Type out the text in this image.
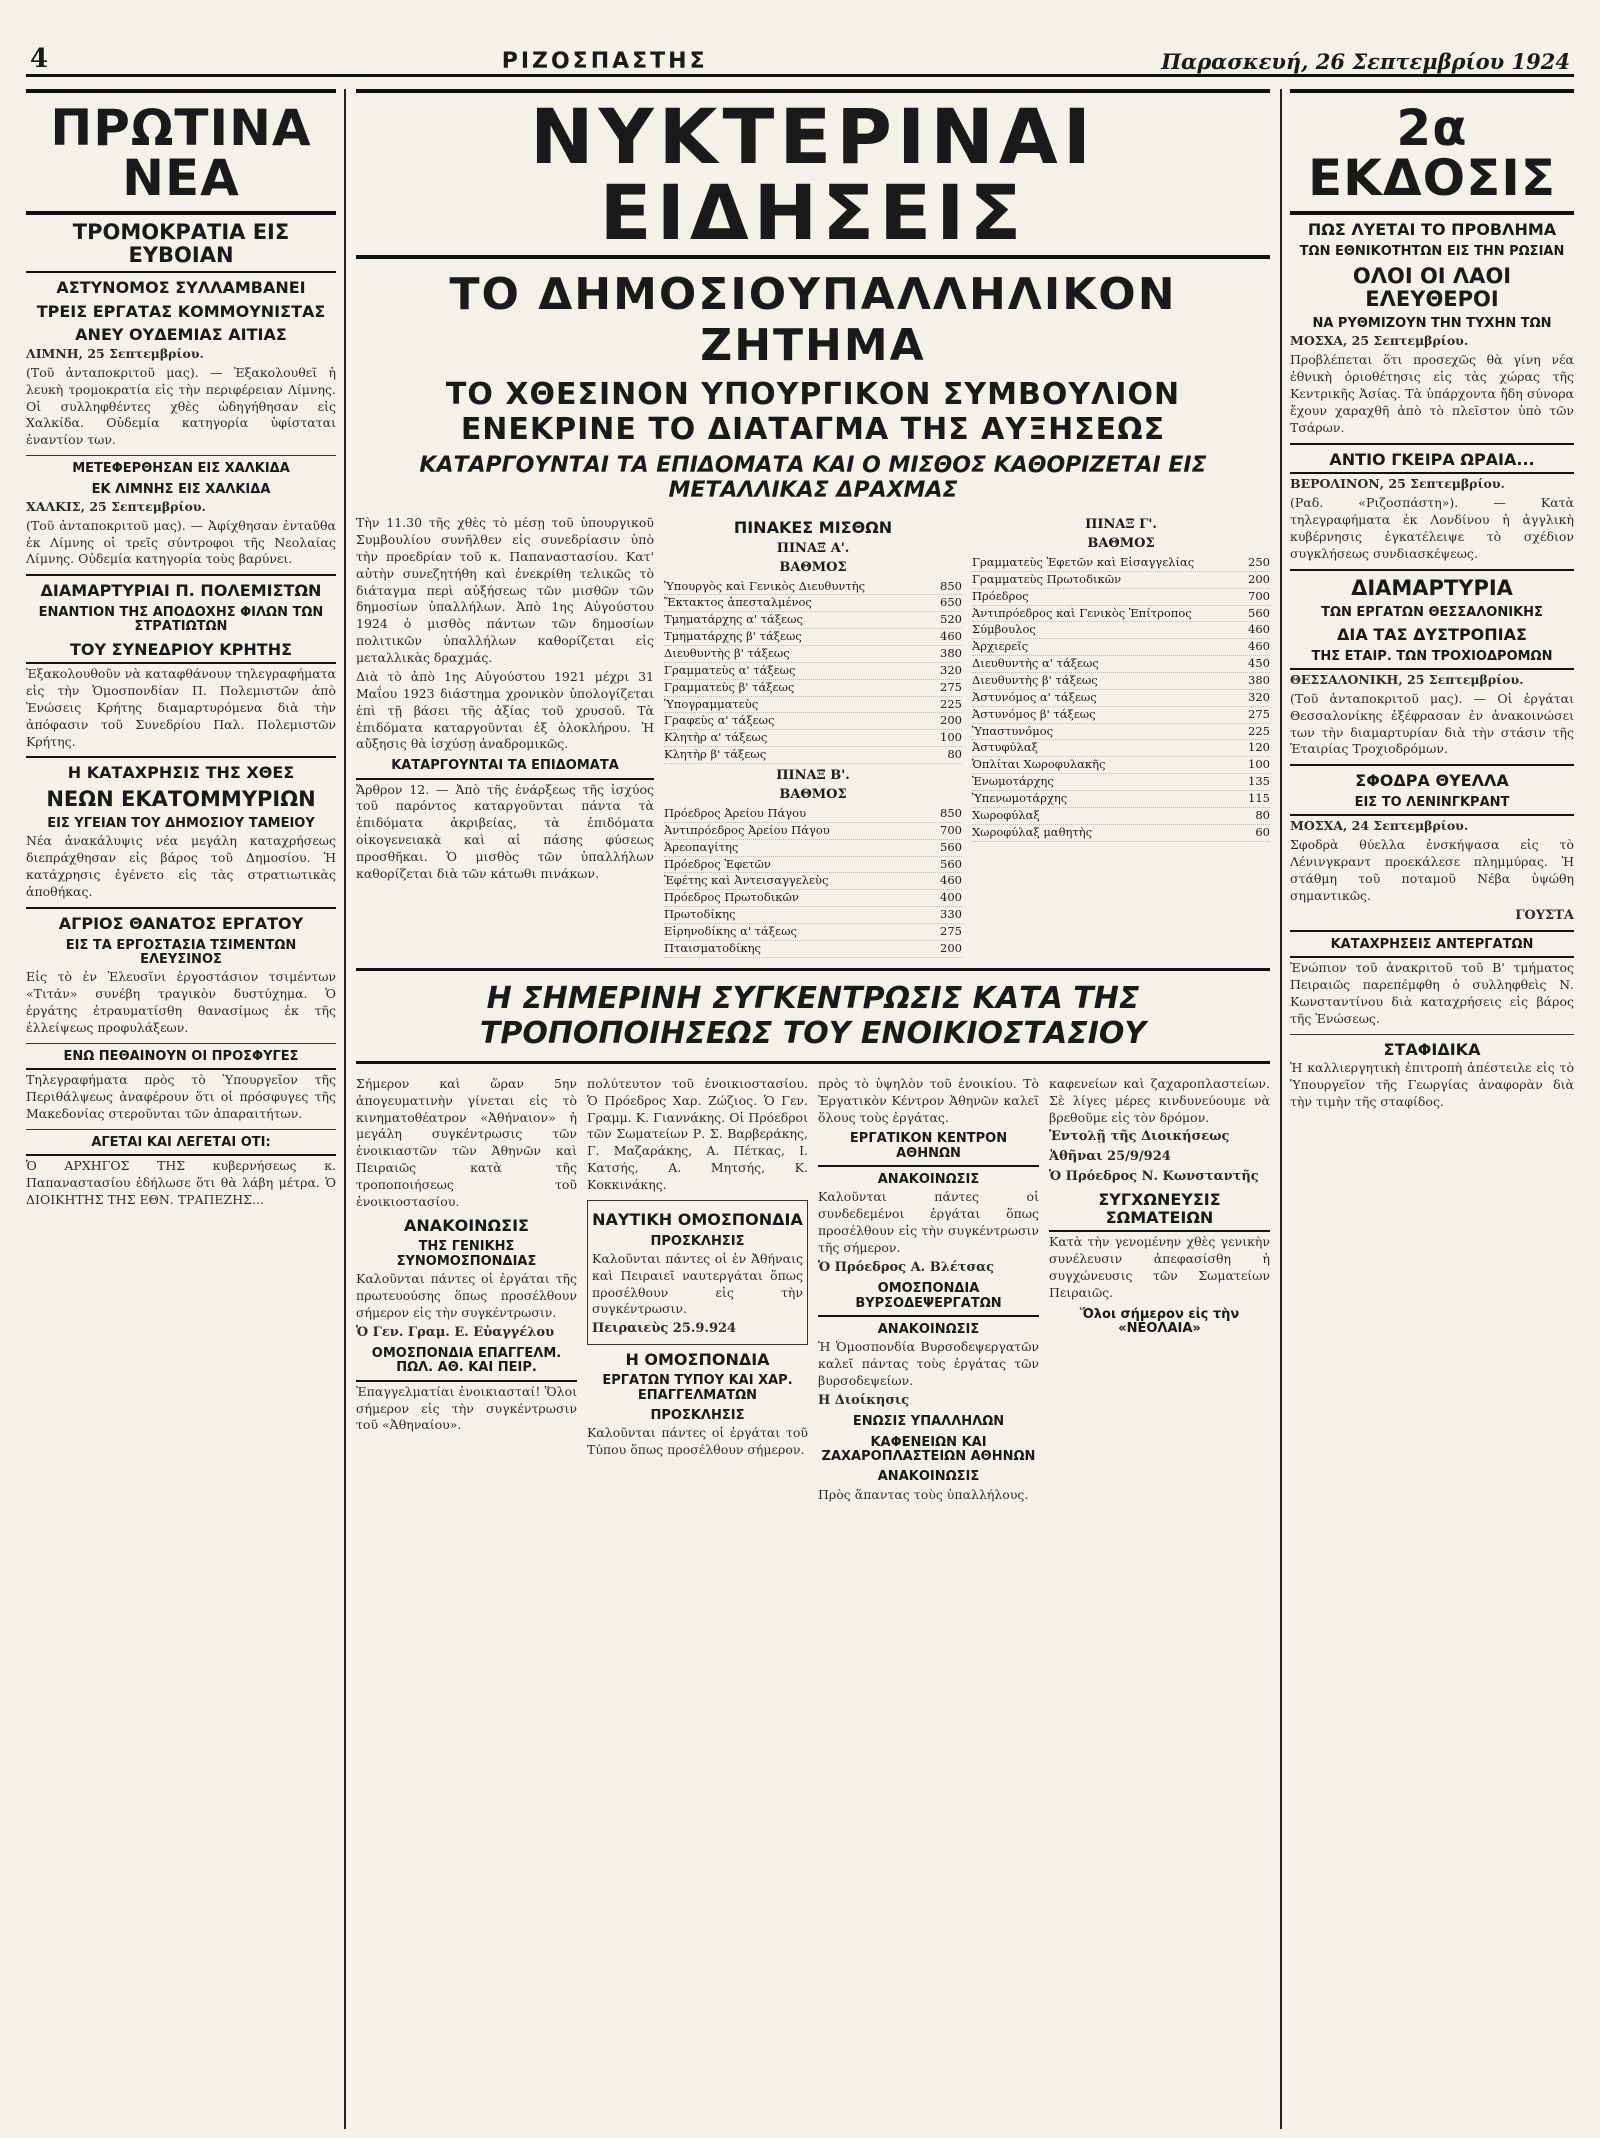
4	ΡΙΖΟΣΠΑΣΤΗΣ	Παρασκευή, 26 Σεπτεμβρίου 1924
ΠΡΩΤΙΝΑ ΝΕΑ
ΤΡΟΜΟΚΡΑΤΙΑ ΕΙΣ ΕΥΒΟΙΑΝ
ΑΣΤΥΝΟΜΟΣ ΣΥΛΛΑΜΒΑΝΕΙ
ΤΡΕΙΣ ΕΡΓΑΤΑΣ ΚΟΜΜΟΥΝΙΣΤΑΣ
ΑΝΕΥ ΟΥΔΕΜΙΑΣ ΑΙΤΙΑΣ

ΛΙΜΝΗ, 25 Σεπτεμβρίου.

(Τοῦ ἀνταποκριτοῦ μας). — Ἐξακολουθεῖ ἡ λευκὴ τρομοκρατία εἰς τὴν περιφέρειαν Λίμνης. Οἱ συλληφθέντες χθὲς ὡδηγήθησαν εἰς Χαλκίδα. Οὐδεμία κατηγορία ὑφίσταται ἐναντίον των.

ΜΕΤΕΦΕΡΘΗΣΑΝ ΕΙΣ ΧΑΛΚΙΔΑ
ΕΚ ΛΙΜΝΗΣ ΕΙΣ ΧΑΛΚΙΔΑ

ΧΑΛΚΙΣ, 25 Σεπτεμβρίου.

(Τοῦ ἀνταποκριτοῦ μας). — Ἀφίχθησαν ἐνταῦθα ἐκ Λίμνης οἱ τρεῖς σύντροφοι τῆς Νεολαίας Λίμνης. Οὐδεμία κατηγορία τοὺς βαρύνει.

ΔΙΑΜΑΡΤΥΡΙΑΙ Π. ΠΟΛΕΜΙΣΤΩΝ
ΕΝΑΝΤΙΟΝ ΤΗΣ ΑΠΟΔΟΧΗΣ ΦΙΛΩΝ ΤΩΝ ΣΤΡΑΤΙΩΤΩΝ
ΤΟΥ ΣΥΝΕΔΡΙΟΥ ΚΡΗΤΗΣ

Ἐξακολουθοῦν νὰ καταφθάνουν τηλεγραφήματα εἰς τὴν Ὁμοσπονδίαν Π. Πολεμιστῶν ἀπὸ Ἑνώσεις Κρήτης διαμαρτυρόμενα διὰ τὴν ἀπόφασιν τοῦ Συνεδρίου Παλ. Πολεμιστῶν Κρήτης.

Η ΚΑΤΑΧΡΗΣΙΣ ΤΗΣ ΧΘΕΣ
ΝΕΩΝ ΕΚΑΤΟΜΜΥΡΙΩΝ
ΕΙΣ ΥΓΕΙΑΝ ΤΟΥ ΔΗΜΟΣΙΟΥ ΤΑΜΕΙΟΥ

Νέα ἀνακάλυψις νέα μεγάλη καταχρήσεως διεπράχθησαν εἰς βάρος τοῦ Δημοσίου. Ἡ κατάχρησις ἐγένετο εἰς τὰς στρατιωτικὰς ἀποθήκας.

ΑΓΡΙΟΣ ΘΑΝΑΤΟΣ ΕΡΓΑΤΟΥ
ΕΙΣ ΤΑ ΕΡΓΟΣΤΑΣΙΑ ΤΣΙΜΕΝΤΩΝ ΕΛΕΥΣΙΝΟΣ

Εἰς τὸ ἐν Ἐλευσῖνι ἐργοστάσιον τσιμέντων «Τιτάν» συνέβη τραγικὸν δυστύχημα. Ὁ ἐργάτης ἐτραυματίσθη θανασίμως ἐκ τῆς ἐλλείψεως προφυλάξεων.

ΕΝΩ ΠΕΘΑΙΝΟΥΝ ΟΙ ΠΡΟΣΦΥΓΕΣ

Τηλεγραφήματα πρὸς τὸ Ὑπουργεῖον τῆς Περιθάλψεως ἀναφέρουν ὅτι οἱ πρόσφυγες τῆς Μακεδονίας στεροῦνται τῶν ἀπαραιτήτων.

ΑΓΕΤΑΙ ΚΑΙ ΛΕΓΕΤΑΙ ΟΤΙ:

Ὁ ΑΡΧΗΓΟΣ ΤΗΣ κυβερνήσεως κ. Παπαναστασίου ἐδήλωσε ὅτι θὰ λάβη μέτρα. Ὁ ΔΙΟΙΚΗΤΗΣ ΤΗΣ ΕΘΝ. ΤΡΑΠΕΖΗΣ...

ΝΥΚΤΕΡΙΝΑΙ ΕΙΔΗΣΕΙΣ
ΤΟ ΔΗΜΟΣΙΟΥΠΑΛΛΗΛΙΚΟΝ ΖΗΤΗΜΑ
ΤΟ ΧΘΕΣΙΝΟΝ ΥΠΟΥΡΓΙΚΟΝ ΣΥΜΒΟΥΛΙΟΝ ΕΝΕΚΡΙΝΕ ΤΟ ΔΙΑΤΑΓΜΑ ΤΗΣ ΑΥΞΗΣΕΩΣ
ΚΑΤΑΡΓΟΥΝΤΑΙ ΤΑ ΕΠΙΔΟΜΑΤΑ ΚΑΙ Ο ΜΙΣΘΟΣ ΚΑΘΟΡΙΖΕΤΑΙ ΕΙΣ ΜΕΤΑΛΛΙΚΑΣ ΔΡΑΧΜΑΣ

Τὴν 11.30 τῆς χθὲς τὸ μέσῃ τοῦ ὑπουργικοῦ Συμβουλίου συνῆλθεν εἰς συνεδρίασιν ὑπὸ τὴν προεδρίαν τοῦ κ. Παπαναστασίου. Κατ' αὐτὴν συνεζητήθη καὶ ἐνεκρίθη τελικῶς τὸ διάταγμα περὶ αὐξήσεως τῶν μισθῶν τῶν δημοσίων ὑπαλλήλων. Ἀπὸ 1ης Αὐγούστου 1924 ὁ μισθὸς πάντων τῶν δημοσίων πολιτικῶν ὑπαλλήλων καθορίζεται εἰς μεταλλικὰς δραχμάς.

Διὰ τὸ ἀπὸ 1ης Αὐγούστου 1921 μέχρι 31 Μαΐου 1923 διάστημα χρονικὸν ὑπολογίζεται ἐπὶ τῇ βάσει τῆς ἀξίας τοῦ χρυσοῦ. Τὰ ἐπιδόματα καταργοῦνται ἐξ ὁλοκλήρου. Ἡ αὔξησις θὰ ἰσχύσῃ ἀναδρομικῶς.

ΚΑΤΑΡΓΟΥΝΤΑΙ ΤΑ ΕΠΙΔΟΜΑΤΑ

Ἄρθρον 12. — Ἀπὸ τῆς ἐνάρξεως τῆς ἰσχύος τοῦ παρόντος καταργοῦνται πάντα τὰ ἐπιδόματα ἀκριβείας, τὰ ἐπιδόματα οἰκογενειακὰ καὶ αἱ πάσης φύσεως προσθῆκαι. Ὁ μισθὸς τῶν ὑπαλλήλων καθορίζεται διὰ τῶν κάτωθι πινάκων.

ΠΙΝΑΚΕΣ ΜΙΣΘΩΝ
ΠΙΝΑΞ Α'.
ΒΑΘΜΟΣ
Ὑπουργὸς καὶ Γενικὸς Διευθυντὴς	850
Ἔκτακτος ἀπεσταλμένος	650
Τμηματάρχης α' τάξεως	520
Τμηματάρχης β' τάξεως	460
Διευθυντὴς β' τάξεως	380
Γραμματεὺς α' τάξεως	320
Γραμματεὺς β' τάξεως	275
Ὑπογραμματεὺς	225
Γραφεὺς α' τάξεως	200
Κλητὴρ α' τάξεως	100
Κλητὴρ β' τάξεως	80
ΠΙΝΑΞ Β'.
ΒΑΘΜΟΣ
Πρόεδρος Ἀρείου Πάγου	850
Ἀντιπρόεδρος Ἀρείου Πάγου	700
Ἀρεοπαγίτης	560
Πρόεδρος Ἐφετῶν	560
Ἐφέτης καὶ Ἀντεισαγγελεὺς	460
Πρόεδρος Πρωτοδικῶν	400
Πρωτοδίκης	330
Εἰρηνοδίκης α' τάξεως	275
Πταισματοδίκης	200
ΠΙΝΑΞ Γ'.
ΒΑΘΜΟΣ
Γραμματεὺς Ἐφετῶν καὶ Εἰσαγγελίας	250
Γραμματεὺς Πρωτοδικῶν	200
Πρόεδρος	700
Ἀντιπρόεδρος καὶ Γενικὸς Ἐπίτροπος	560
Σύμβουλος	460
Ἀρχιερεῖς	460
Διευθυντὴς α' τάξεως	450
Διευθυντὴς β' τάξεως	380
Ἀστυνόμος α' τάξεως	320
Ἀστυνόμος β' τάξεως	275
Ὑπαστυνόμος	225
Ἀστυφύλαξ	120
Ὁπλίται Χωροφυλακῆς	100
Ἐνωμοτάρχης	135
Ὑπενωμοτάρχης	115
Χωροφύλαξ	80
Χωροφύλαξ μαθητὴς	60
Η ΣΗΜΕΡΙΝΗ ΣΥΓΚΕΝΤΡΩΣΙΣ ΚΑΤΑ ΤΗΣ ΤΡΟΠΟΠΟΙΗΣΕΩΣ ΤΟΥ ΕΝΟΙΚΙΟΣΤΑΣΙΟΥ

Σήμερον καὶ ὥραν 5ην ἀπογευματινὴν γίνεται εἰς τὸ κινηματοθέατρον «Ἀθήναιον» ἡ μεγάλη συγκέντρωσις τῶν ἐνοικιαστῶν τῶν Ἀθηνῶν καὶ Πειραιῶς κατὰ τῆς τροποποιήσεως τοῦ ἐνοικιοστασίου.

ΑΝΑΚΟΙΝΩΣΙΣ
ΤΗΣ ΓΕΝΙΚΗΣ ΣΥΝΟΜΟΣΠΟΝΔΙΑΣ

Καλοῦνται πάντες οἱ ἐργάται τῆς πρωτευούσης ὅπως προσέλθουν σήμερον εἰς τὴν συγκέντρωσιν.

Ὁ Γεν. Γραμ. Ε. Εὐαγγέλου

ΟΜΟΣΠΟΝΔΙΑ ΕΠΑΓΓΕΛΜ. ΠΩΛ. ΑΘ. ΚΑΙ ΠΕΙΡ.

Ἐπαγγελματίαι ἐνοικιασταί! Ὅλοι σήμερον εἰς τὴν συγκέντρωσιν τοῦ «Ἀθηναίου».

πολύτευτον τοῦ ἐνοικιοστασίου. Ὁ Πρόεδρος Χαρ. Ζώζιος. Ὁ Γεν. Γραμμ. Κ. Γιαννάκης. Οἱ Πρόεδροι τῶν Σωματείων Ρ. Σ. Βαρβεράκης, Γ. Μαζαράκης, Α. Πέτκας, Ι. Κατσής, Α. Μητσής, Κ. Κοκκινάκης.

ΝΑΥΤΙΚΗ ΟΜΟΣΠΟΝΔΙΑ
ΠΡΟΣΚΛΗΣΙΣ

Καλοῦνται πάντες οἱ ἐν Ἀθήναις καὶ Πειραιεῖ ναυτεργάται ὅπως προσέλθουν εἰς τὴν συγκέντρωσιν.

Πειραιεὺς 25.9.924

Η ΟΜΟΣΠΟΝΔΙΑ
ΕΡΓΑΤΩΝ ΤΥΠΟΥ ΚΑΙ ΧΑΡ. ΕΠΑΓΓΕΛΜΑΤΩΝ
ΠΡΟΣΚΛΗΣΙΣ

Καλοῦνται πάντες οἱ ἐργάται τοῦ Τύπου ὅπως προσέλθουν σήμερον.

πρὸς τὸ ὑψηλὸν τοῦ ἐνοικίου. Τὸ Ἐργατικὸν Κέντρον Ἀθηνῶν καλεῖ ὅλους τοὺς ἐργάτας.

ΕΡΓΑΤΙΚΟΝ ΚΕΝΤΡΟΝ ΑΘΗΝΩΝ
ΑΝΑΚΟΙΝΩΣΙΣ

Καλοῦνται πάντες οἱ συνδεδεμένοι ἐργάται ὅπως προσέλθουν εἰς τὴν συγκέντρωσιν τῆς σήμερον.

Ὁ Πρόεδρος Α. Βλέτσας

ΟΜΟΣΠΟΝΔΙΑ ΒΥΡΣΟΔΕΨΕΡΓΑΤΩΝ
ΑΝΑΚΟΙΝΩΣΙΣ

Ἡ Ὁμοσπονδία Βυρσοδεψεργατῶν καλεῖ πάντας τοὺς ἐργάτας τῶν βυρσοδεψείων.

Η Διοίκησις

ΕΝΩΣΙΣ ΥΠΑΛΛΗΛΩΝ
ΚΑΦΕΝΕΙΩΝ ΚΑΙ ΖΑΧΑΡΟΠΛΑΣΤΕΙΩΝ ΑΘΗΝΩΝ
ΑΝΑΚΟΙΝΩΣΙΣ

Πρὸς ἅπαντας τοὺς ὑπαλλήλους.

καφενείων καὶ ζαχαροπλαστείων. Σὲ λίγες μέρες κινδυνεύουμε νὰ βρεθοῦμε εἰς τὸν δρόμον.

Ἐντολῇ τῆς Διοικήσεως

Ἀθῆναι 25/9/924

Ὁ Πρόεδρος Ν. Κωνσταντῆς

ΣΥΓΧΩΝΕΥΣΙΣ ΣΩΜΑΤΕΙΩΝ

Κατὰ τὴν γενομένην χθὲς γενικὴν συνέλευσιν ἀπεφασίσθη ἡ συγχώνευσις τῶν Σωματείων Πειραιῶς.

Ὅλοι σήμερον εἰς τὴν «ΝΕΟΛΑΙΑ»
2α ΕΚΔΟΣΙΣ
ΠΩΣ ΛΥΕΤΑΙ ΤΟ ΠΡΟΒΛΗΜΑ
ΤΩΝ ΕΘΝΙΚΟΤΗΤΩΝ ΕΙΣ ΤΗΝ ΡΩΣΙΑΝ
ΟΛΟΙ ΟΙ ΛΑΟΙ ΕΛΕΥΘΕΡΟΙ
ΝΑ ΡΥΘΜΙΖΟΥΝ ΤΗΝ ΤΥΧΗΝ ΤΩΝ

ΜΟΣΧΑ, 25 Σεπτεμβρίου.

Προβλέπεται ὅτι προσεχῶς θὰ γίνη νέα ἐθνικὴ ὁριοθέτησις εἰς τὰς χώρας τῆς Κεντρικῆς Ἀσίας. Τὰ ὑπάρχοντα ἤδη σύνορα ἔχουν χαραχθῆ ἀπὸ τὸ πλεῖστον ὑπὸ τῶν Τσάρων.

ΑΝΤΙΟ ΓΚΕΙΡΑ ΩΡΑΙΑ...

ΒΕΡΟΛΙΝΟΝ, 25 Σεπτεμβρίου.

(Ραδ. «Ριζοσπάστη»). — Κατὰ τηλεγραφήματα ἐκ Λονδίνου ἡ ἀγγλικὴ κυβέρνησις ἐγκατέλειψε τὸ σχέδιον συγκλήσεως συνδιασκέψεως.

ΔΙΑΜΑΡΤΥΡΙΑ
ΤΩΝ ΕΡΓΑΤΩΝ ΘΕΣΣΑΛΟΝΙΚΗΣ
ΔΙΑ ΤΑΣ ΔΥΣΤΡΟΠΙΑΣ
ΤΗΣ ΕΤΑΙΡ. ΤΩΝ ΤΡΟΧΙΟΔΡΟΜΩΝ

ΘΕΣΣΑΛΟΝΙΚΗ, 25 Σεπτεμβρίου.

(Τοῦ ἀνταποκριτοῦ μας). — Οἱ ἐργάται Θεσσαλονίκης ἐξέφρασαν ἐν ἀνακοινώσει των τὴν διαμαρτυρίαν διὰ τὴν στάσιν τῆς Ἑταιρίας Τροχιοδρόμων.

ΣΦΟΔΡΑ ΘΥΕΛΛΑ
ΕΙΣ ΤΟ ΛΕΝΙΝΓΚΡΑΝΤ

ΜΟΣΧΑ, 24 Σεπτεμβρίου.

Σφοδρὰ θύελλα ἐνσκήψασα εἰς τὸ Λένινγκραντ προεκάλεσε πλημμύρας. Ἡ στάθμη τοῦ ποταμοῦ Νέβα ὑψώθη σημαντικῶς.

ΓΟΥΣΤΑ

ΚΑΤΑΧΡΗΣΕΙΣ ΑΝΤΕΡΓΑΤΩΝ

Ἐνώπιον τοῦ ἀνακριτοῦ τοῦ Β' τμήματος Πειραιῶς παρεπέμφθη ὁ συλληφθεὶς Ν. Κωνσταντίνου διὰ καταχρήσεις εἰς βάρος τῆς Ἑνώσεως.

ΣΤΑΦΙΔΙΚΑ

Ἡ καλλιεργητικὴ ἐπιτροπὴ ἀπέστειλε εἰς τὸ Ὑπουργεῖον τῆς Γεωργίας ἀναφορὰν διὰ τὴν τιμὴν τῆς σταφίδος.
